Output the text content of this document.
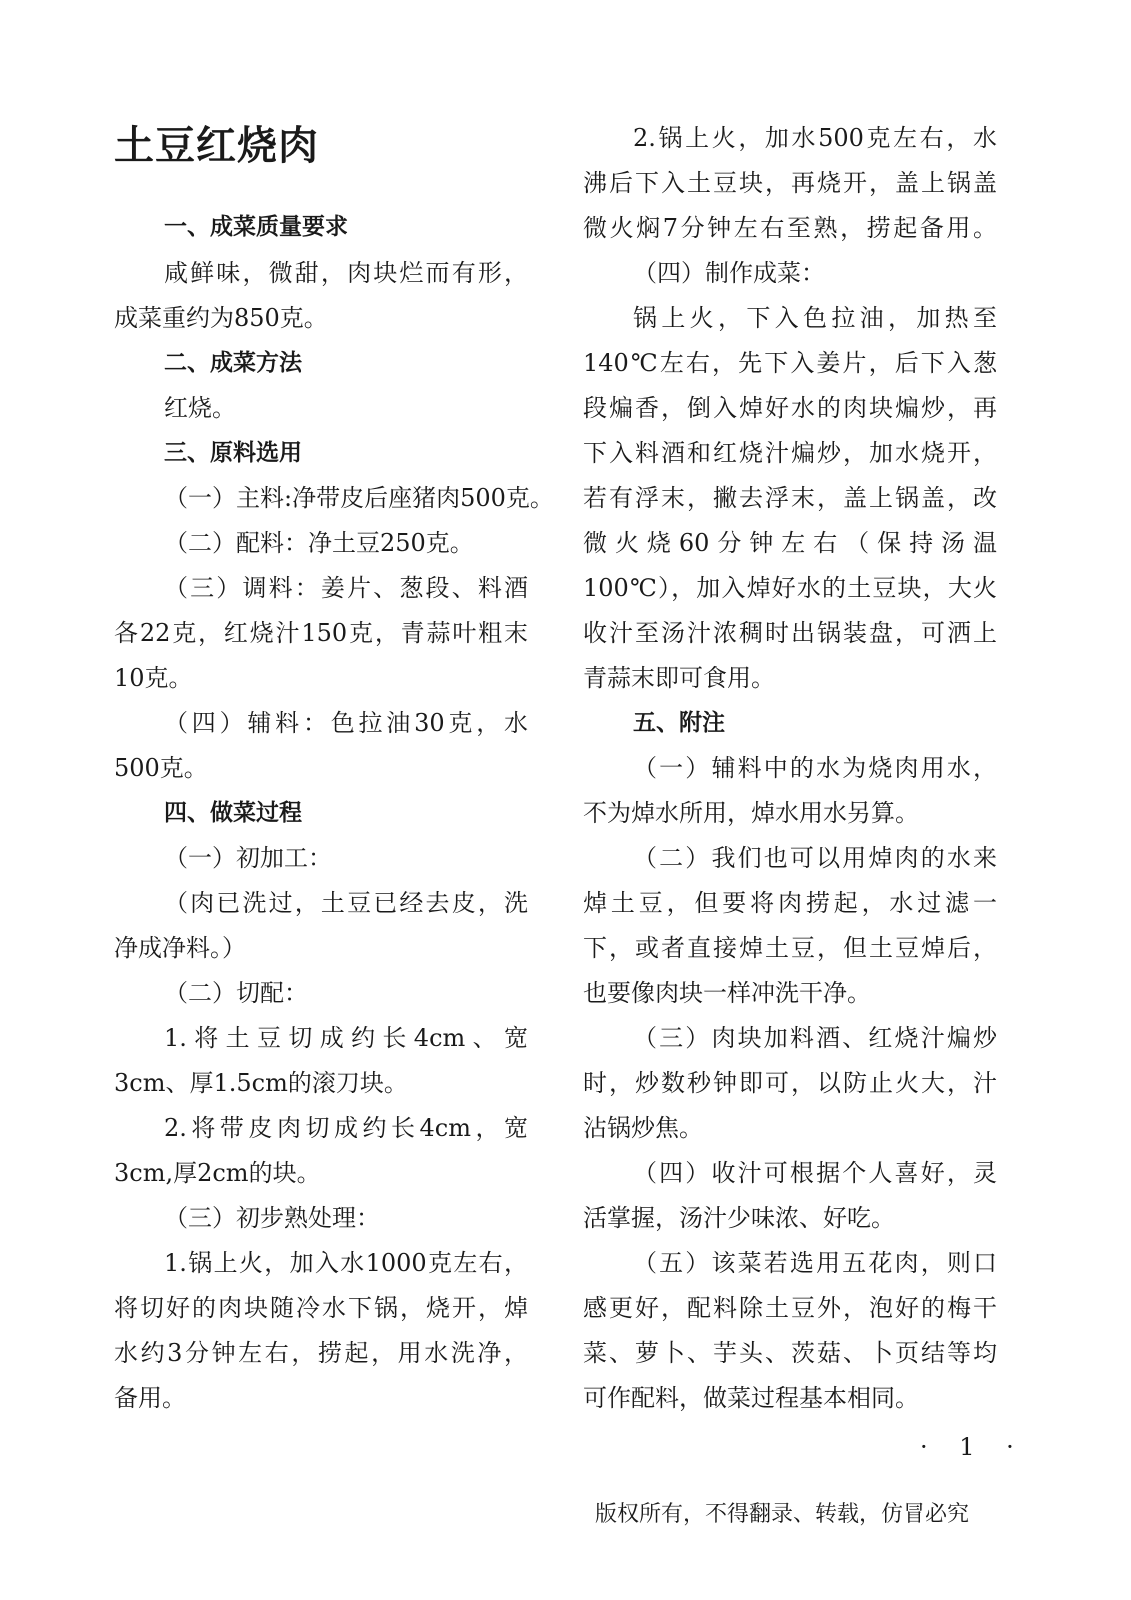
土豆红烧肉
一、成菜质量要求
咸鲜味，微甜，肉块烂而有形，
成菜重约为850克。
二、成菜方法
红烧。
三、原料选用
（一）主料:净带皮后座猪肉500克。
（二）配料：净土豆250克。
（三）调料：姜片、葱段、料酒
各22克，红烧汁150克，青蒜叶粗末
10克。
（四）辅料：色拉油30克，水
500克。
四、做菜过程
（一）初加工：
（肉已洗过，土豆已经去皮，洗
净成净料。）
（二）切配：
1.将土豆切成约长4cm、宽
3cm、厚1.5cm的滚刀块。
2.将带皮肉切成约长4cm，宽
3cm,厚2cm的块。
（三）初步熟处理：
1.锅上火，加入水1000克左右，
将切好的肉块随冷水下锅，烧开，焯
水约3分钟左右，捞起，用水洗净，
备用。
2.锅上火，加水500克左右，水
沸后下入土豆块，再烧开，盖上锅盖
微火焖7分钟左右至熟，捞起备用。
（四）制作成菜：
锅上火，下入色拉油，加热至
140℃左右，先下入姜片，后下入葱
段煸香，倒入焯好水的肉块煸炒，再
下入料酒和红烧汁煸炒，加水烧开，
若有浮末，撇去浮末，盖上锅盖，改
微火烧60分钟左右（保持汤温
100℃），加入焯好水的土豆块，大火
收汁至汤汁浓稠时出锅装盘，可洒上
青蒜末即可食用。
五、附注
（一）辅料中的水为烧肉用水，
不为焯水所用，焯水用水另算。
（二）我们也可以用焯肉的水来
焯土豆，但要将肉捞起，水过滤一
下，或者直接焯土豆，但土豆焯后，
也要像肉块一样冲洗干净。
（三）肉块加料酒、红烧汁煸炒
时，炒数秒钟即可，以防止火大，汁
沾锅炒焦。
（四）收汁可根据个人喜好，灵
活掌握，汤汁少味浓、好吃。
（五）该菜若选用五花肉，则口
感更好，配料除土豆外，泡好的梅干
菜、萝卜、芋头、茨菇、卜页结等均
可作配料，做菜过程基本相同。
· 1 ·
版权所有，不得翻录、转载，仿冒必究
